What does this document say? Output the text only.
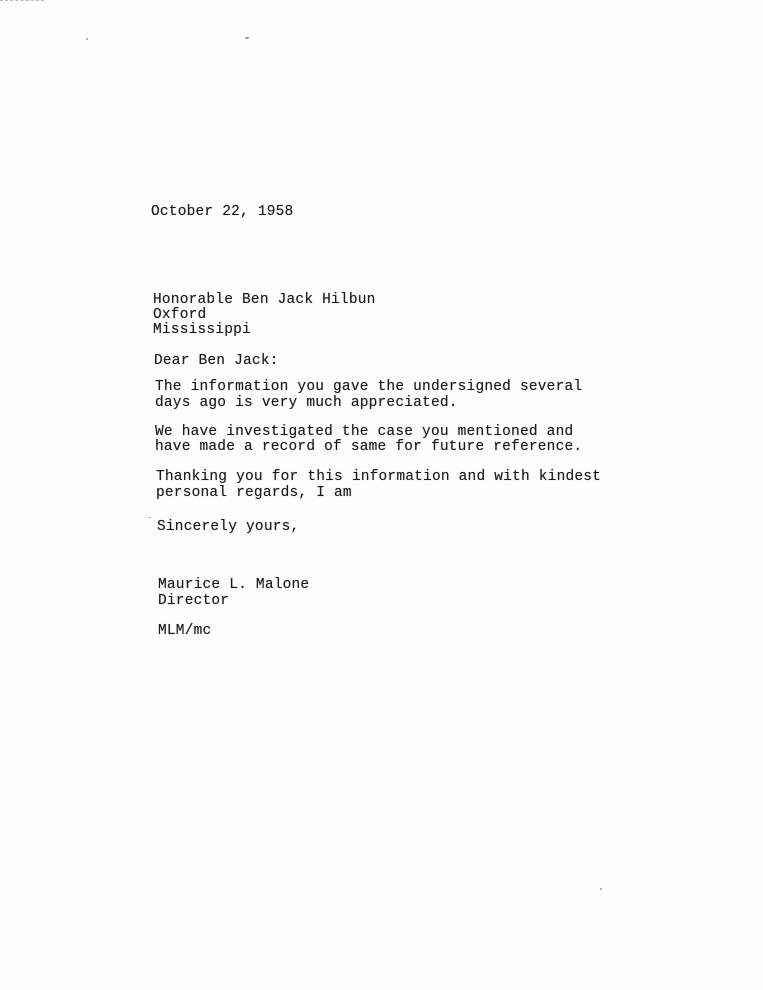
October 22, 1958
Honorable Ben Jack Hilbun
Oxford
Mississippi
Dear Ben Jack:
The information you gave the undersigned several
days ago is very much appreciated.
We have investigated the case you mentioned and
have made a record of same for future reference.
Thanking you for this information and with kindest
personal regards, I am
Sincerely yours,
Maurice L. Malone
Director
MLM/mc
